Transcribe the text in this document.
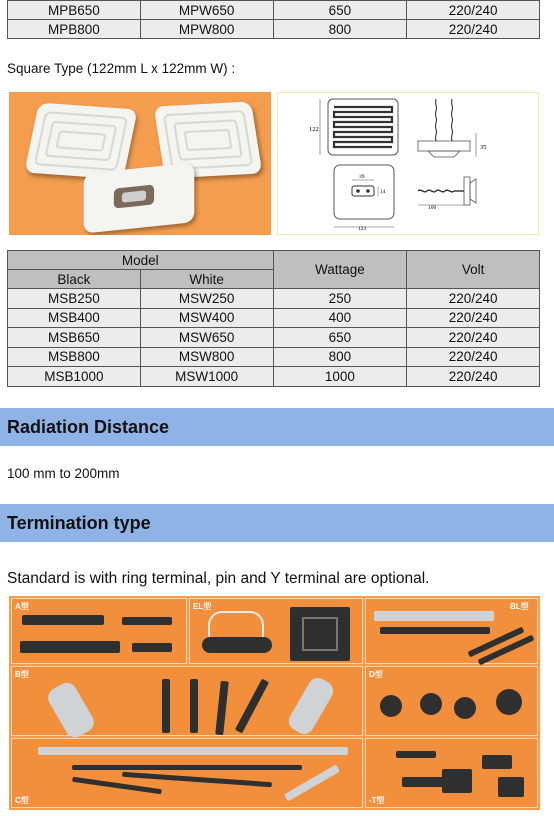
MPB650	MPW650	650	220/240
MPB800	MPW800	800	220/240
Square Type (122mm L x 122mm W) :
122
35
39
14
122
100
Model		Wattage	Volt
Black	White		
MSB250	MSW250	250	220/240
MSB400	MSW400	400	220/240
MSB650	MSW650	650	220/240
MSB800	MSW800	800	220/240
MSB1000	MSW1000	1000	220/240
Radiation Distance
100 mm to 200mm
Termination type
Standard is with ring terminal, pin and Y terminal are optional.
A型	EL型	BL型
B型	D型
C型	-T型
